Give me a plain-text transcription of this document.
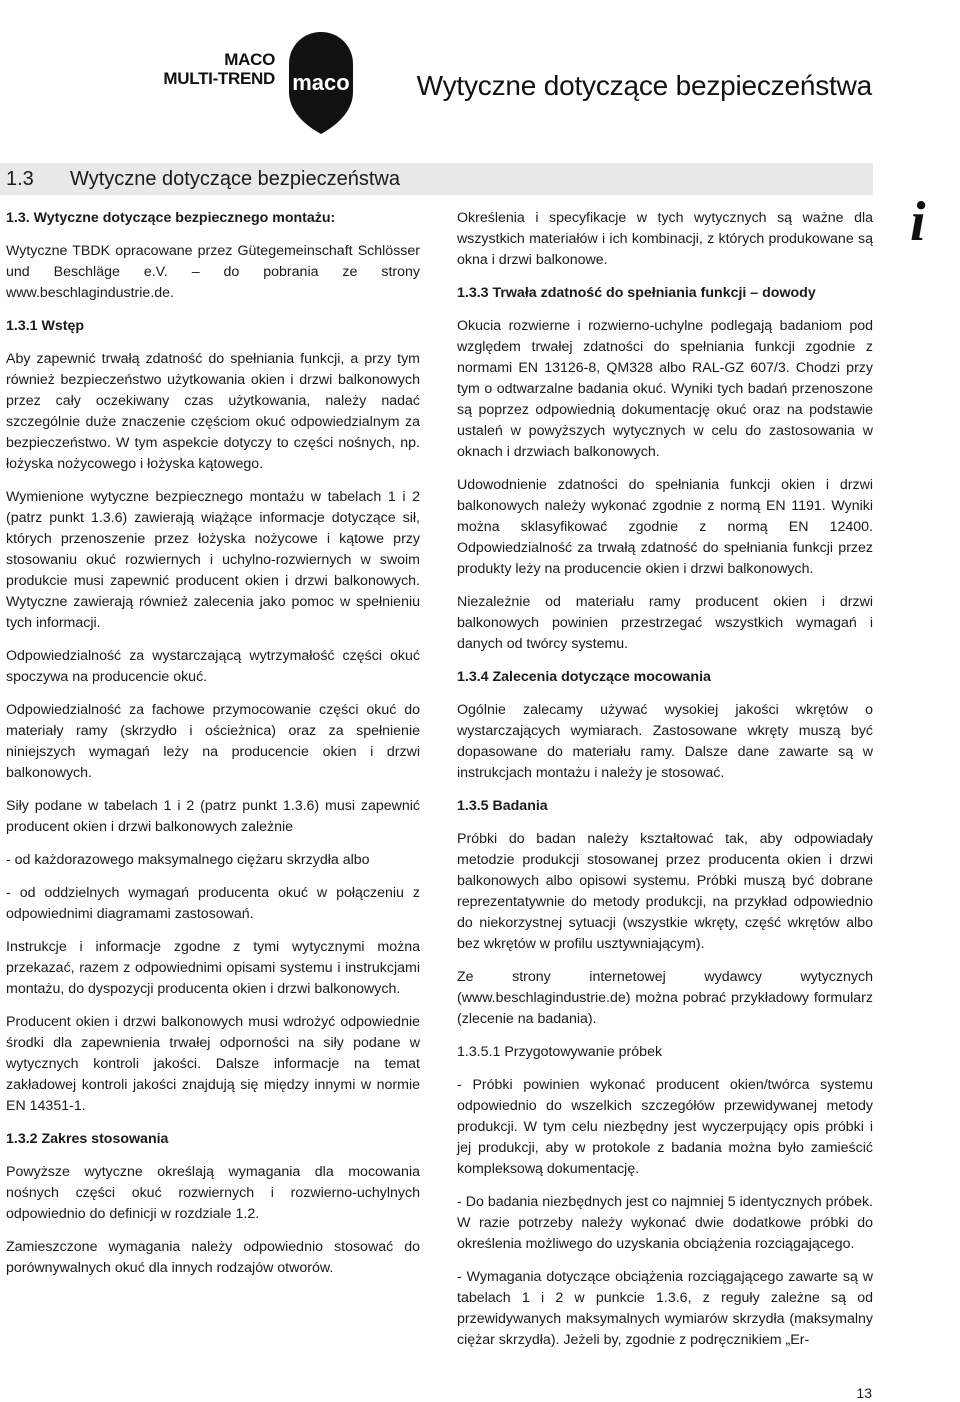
MACO
MULTI-TREND maco Wytyczne dotyczące bezpieczeństwa
1.3 Wytyczne dotyczące bezpieczeństwa
i

1.3. Wytyczne dotyczące bezpiecznego montażu:

Wytyczne TBDK opracowane przez Gütegemeinschaft Schlösser und Beschläge e.V. – do pobrania ze strony www.beschlagindustrie.de.

1.3.1 Wstęp

Aby zapewnić trwałą zdatność do spełniania funkcji, a przy tym również bezpieczeństwo użytkowania okien i drzwi balkonowych przez cały oczekiwany czas użytkowania, należy nadać szczególnie duże znaczenie częściom okuć odpowiedzialnym za bezpieczeństwo. W tym aspekcie dotyczy to części nośnych, np. łożyska nożycowego i łożyska kątowego.

Wymienione wytyczne bezpiecznego montażu w tabelach 1 i 2 (patrz punkt 1.3.6) zawierają wiążące informacje dotyczące sił, których przenoszenie przez łożyska nożycowe i kątowe przy stosowaniu okuć rozwiernych i uchylno-rozwiernych w swoim produkcie musi zapewnić producent okien i drzwi balkonowych. Wytyczne zawierają również zalecenia jako pomoc w spełnieniu tych informacji.

Odpowiedzialność za wystarczającą wytrzymałość części okuć spoczywa na producencie okuć.

Odpowiedzialność za fachowe przymocowanie części okuć do materiały ramy (skrzydło i ościeżnica) oraz za spełnienie niniejszych wymagań leży na producencie okien i drzwi balkonowych.

Siły podane w tabelach 1 i 2 (patrz punkt 1.3.6) musi zapewnić producent okien i drzwi balkonowych zależnie

- od każdorazowego maksymalnego ciężaru skrzydła albo

- od oddzielnych wymagań producenta okuć w połączeniu z odpowiednimi diagramami zastosowań.

Instrukcje i informacje zgodne z tymi wytycznymi można przekazać, razem z odpowiednimi opisami systemu i instrukcjami montażu, do dyspozycji producenta okien i drzwi balkonowych.

Producent okien i drzwi balkonowych musi wdrożyć odpowiednie środki dla zapewnienia trwałej odporności na siły podane w wytycznych kontroli jakości. Dalsze informacje na temat zakładowej kontroli jakości znajdują się między innymi w normie EN 14351-1.

1.3.2 Zakres stosowania

Powyższe wytyczne określają wymagania dla mocowania nośnych części okuć rozwiernych i rozwierno-uchylnych odpowiednio do definicji w rozdziale 1.2.

Zamieszczone wymagania należy odpowiednio stosować do porównywalnych okuć dla innych rodzajów otworów.

Określenia i specyfikacje w tych wytycznych są ważne dla wszystkich materiałów i ich kombinacji, z których produkowane są okna i drzwi balkonowe.

1.3.3 Trwała zdatność do spełniania funkcji – dowody

Okucia rozwierne i rozwierno-uchylne podlegają badaniom pod względem trwałej zdatności do spełniania funkcji zgodnie z normami EN 13126-8, QM328 albo RAL-GZ 607/3. Chodzi przy tym o odtwarzalne badania okuć. Wyniki tych badań przenoszone są poprzez odpowiednią dokumentację okuć oraz na podstawie ustaleń w powyższych wytycznych w celu do zastosowania w oknach i drzwiach balkonowych.

Udowodnienie zdatności do spełniania funkcji okien i drzwi balkonowych należy wykonać zgodnie z normą EN 1191. Wyniki można sklasyfikować zgodnie z normą EN 12400. Odpowiedzialność za trwałą zdatność do spełniania funkcji przez produkty leży na producencie okien i drzwi balkonowych.

Niezależnie od materiału ramy producent okien i drzwi balkonowych powinien przestrzegać wszystkich wymagań i danych od twórcy systemu.

1.3.4 Zalecenia dotyczące mocowania

Ogólnie zalecamy używać wysokiej jakości wkrętów o wystarczających wymiarach. Zastosowane wkręty muszą być dopasowane do materiału ramy. Dalsze dane zawarte są w instrukcjach montażu i należy je stosować.

1.3.5 Badania

Próbki do badan należy kształtować tak, aby odpowiadały metodzie produkcji stosowanej przez producenta okien i drzwi balkonowych albo opisowi systemu. Próbki muszą być dobrane reprezentatywnie do metody produkcji, na przykład odpowiednio do niekorzystnej sytuacji (wszystkie wkręty, część wkrętów albo bez wkrętów w profilu usztywniającym).

Ze strony internetowej wydawcy wytycznych (www.beschlagindustrie.de) można pobrać przykładowy formularz (zlecenie na badania).

1.3.5.1 Przygotowywanie próbek

- Próbki powinien wykonać producent okien/twórca systemu odpowiednio do wszelkich szczegółów przewidywanej metody produkcji. W tym celu niezbędny jest wyczerpujący opis próbki i jej produkcji, aby w protokole z badania można było zamieścić kompleksową dokumentację.

- Do badania niezbędnych jest co najmniej 5 identycznych próbek. W razie potrzeby należy wykonać dwie dodatkowe próbki do określenia możliwego do uzyskania obciążenia rozciągającego.

- Wymagania dotyczące obciążenia rozciągającego zawarte są w tabelach 1 i 2 w punkcie 1.3.6, z reguły zależne są od przewidywanych maksymalnych wymiarów skrzydła (maksymalny ciężar skrzydła). Jeżeli by, zgodnie z podręcznikiem „Er-

13
